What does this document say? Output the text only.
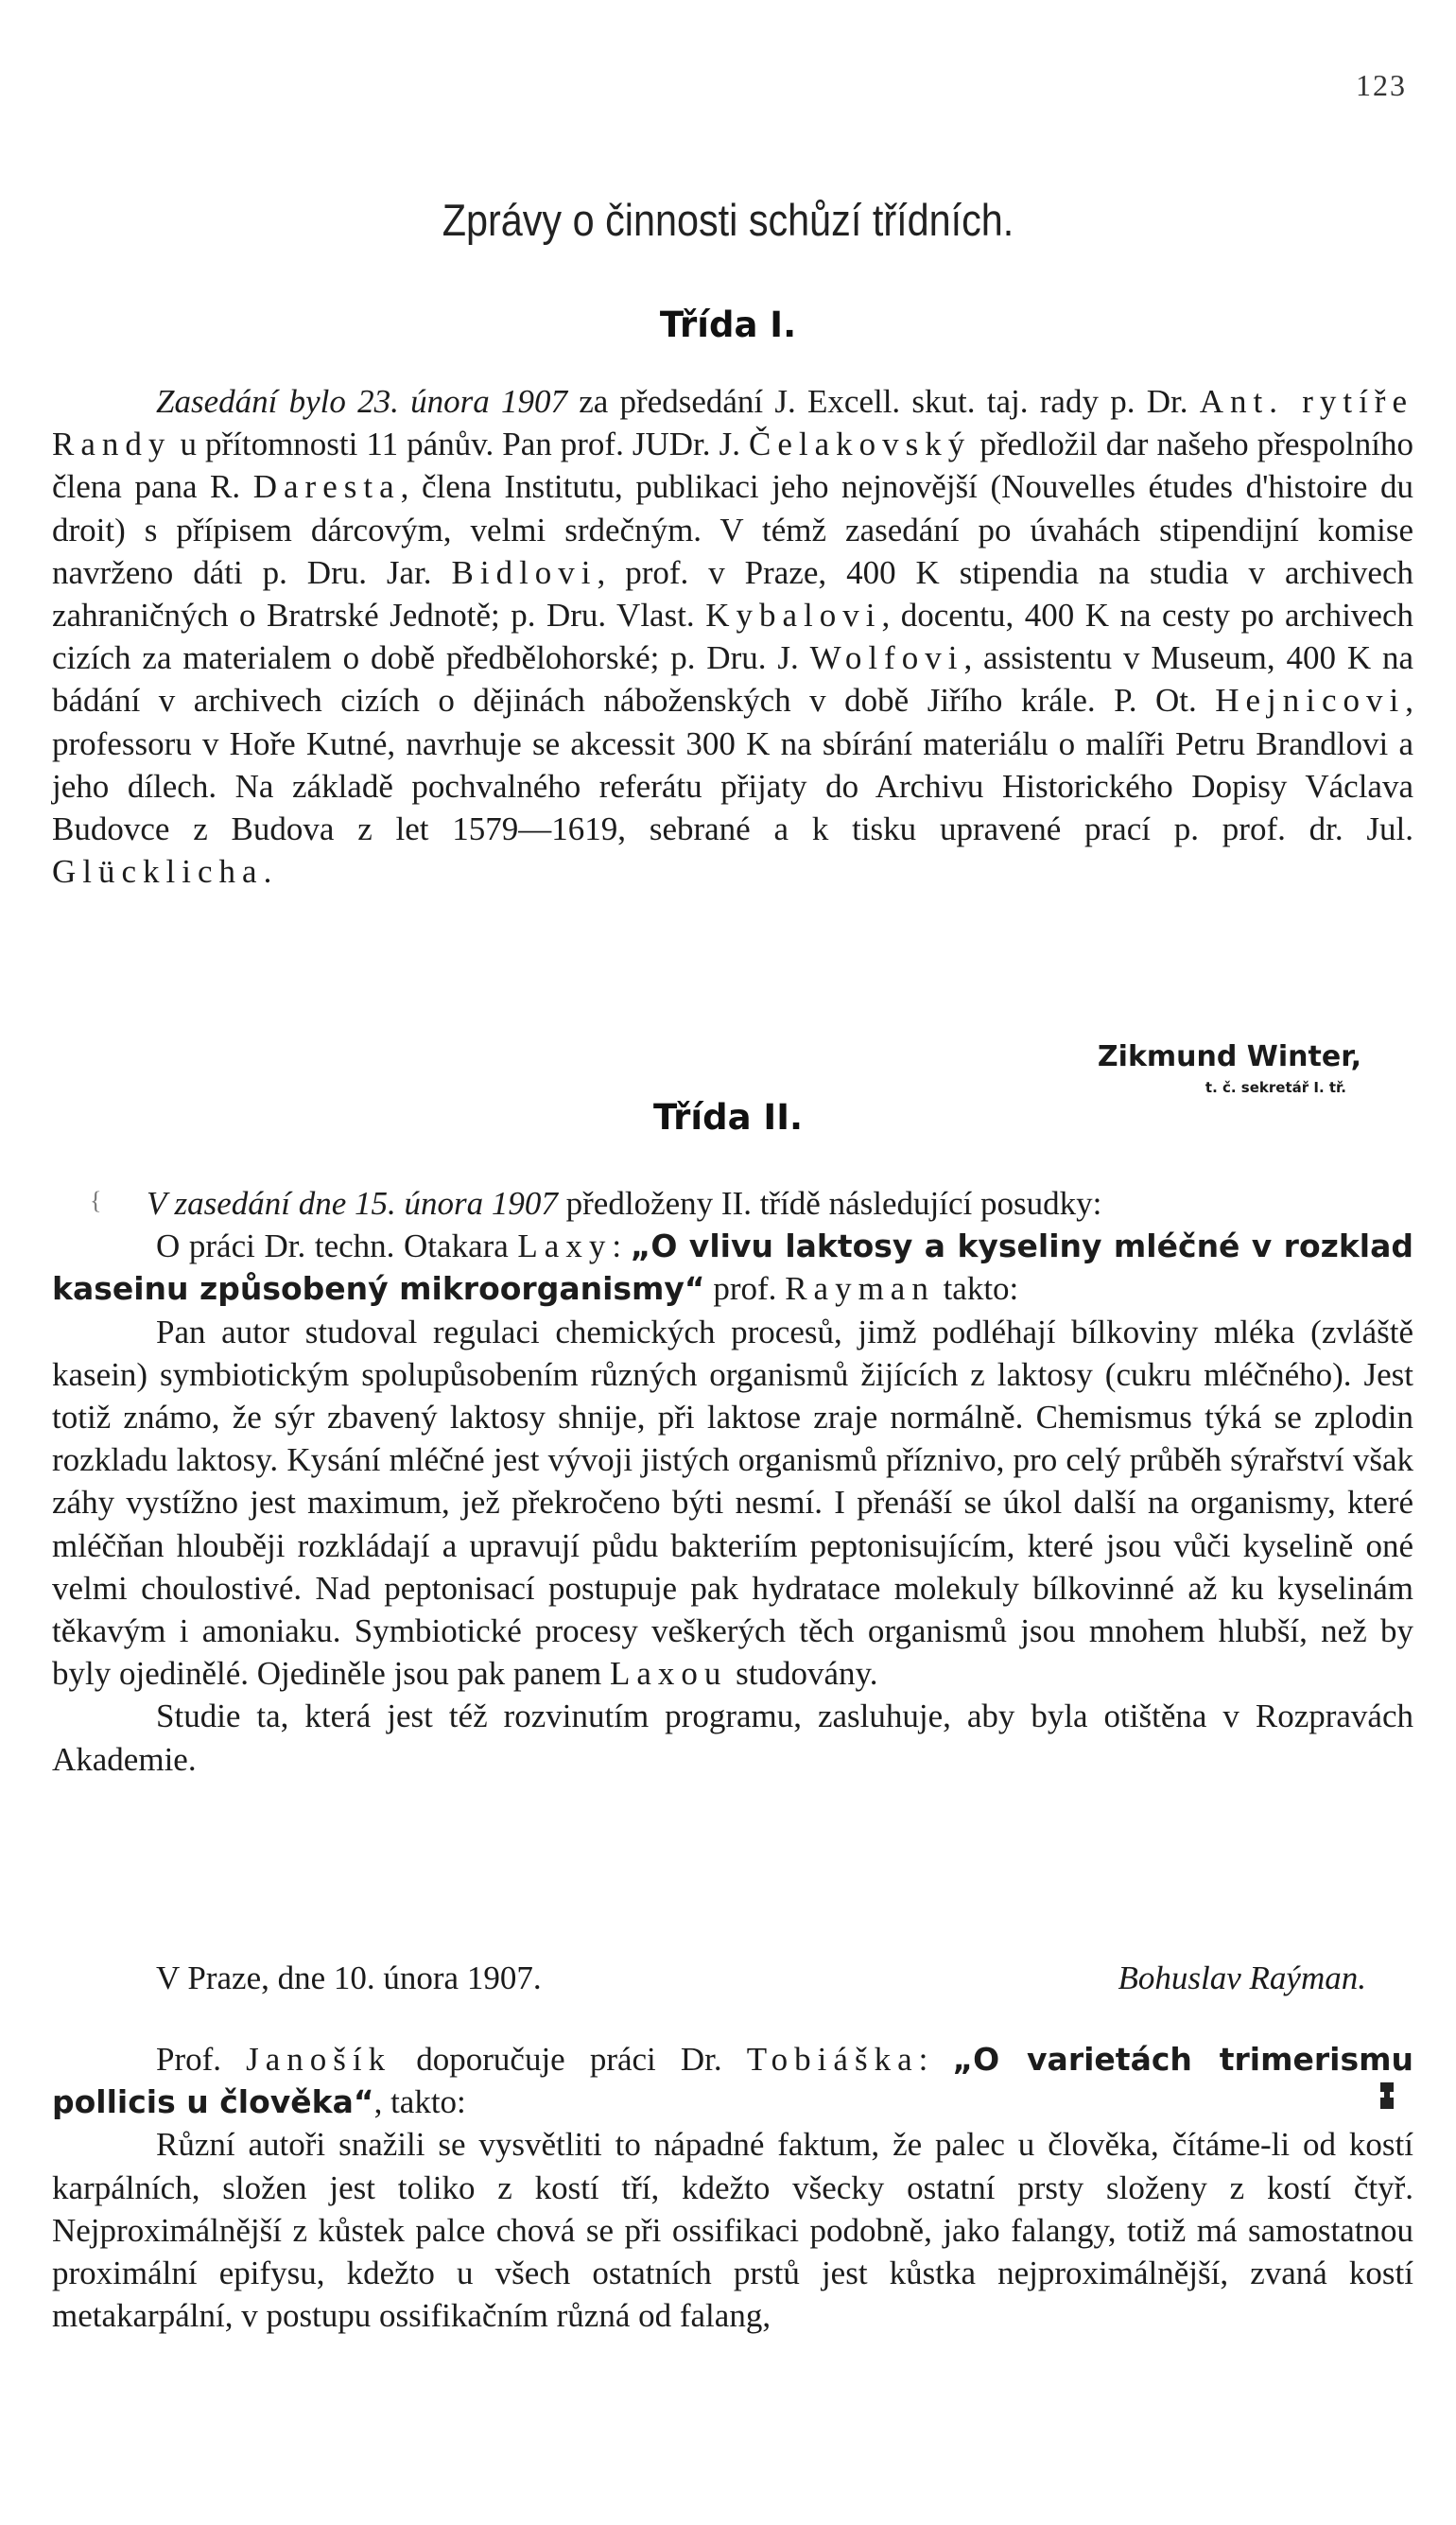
123
Zprávy o činnosti schůzí třídních.
Třída I.

Zasedání bylo 23. února 1907 za předsedání J. Excell. skut. taj. rady p. Dr. Ant. rytíře Randy u přítomnosti 11 pánův. Pan prof. JUDr. J. Čelakovský předložil dar našeho přespolního člena pana R. Daresta, člena Institutu, publikaci jeho nejnovější (Nouvelles études d'histoire du droit) s přípisem dárcovým, velmi srdečným. V témž zasedání po úvahách stipendijní komise navrženo dáti p. Dru. Jar. Bidlovi, prof. v Praze, 400 K stipendia na studia v archivech zahraničných o Bratrské Jednotě; p. Dru. Vlast. Kybalovi, docentu, 400 K na cesty po archivech cizích za materialem o době předbělohorské; p. Dru. J. Wolfovi, assistentu v Museum, 400 K na bádání v archivech cizích o dějinách náboženských v době Jiřího krále. P. Ot. Hejnicovi, professoru v Hoře Kutné, navrhuje se akcessit 300 K na sbírání materiálu o malíři Petru Brandlovi a jeho dílech. Na základě pochvalného referátu přijaty do Archivu Historického Dopisy Václava Budovce z Budova z let 1579—1619, sebrané a k tisku upravené prací p. prof. dr. Jul. Glücklicha.

Zikmund Winter,
t. č. sekretář I. tř.
Třída II.
{	V zasedání dne 15. února 1907 předloženy II. třídě následující posudky:

O práci Dr. techn. Otakara Laxy: „O vlivu laktosy a kyseliny mléčné v rozklad kaseinu způsobený mikroorganismy“ prof. Rayman takto:

Pan autor studoval regulaci chemických procesů, jimž podléhají bílkoviny mléka (zvláště kasein) symbiotickým spolupůsobením různých organismů žijících z laktosy (cukru mléčného). Jest totiž známo, že sýr zbavený laktosy shnije, při laktose zraje normálně. Chemismus týká se zplodin rozkladu laktosy. Kysání mléčné jest vývoji jistých organismů příznivo, pro celý průběh sýrařství však záhy vystížno jest maximum, jež překročeno býti nesmí. I přenáší se úkol další na organismy, které mléčňan hlouběji rozkládají a upravují půdu bakteriím peptonisujícím, které jsou vůči kyselině oné velmi choulostivé. Nad peptonisací postupuje pak hydratace molekuly bílkovinné až ku kyselinám těkavým i amoniaku. Symbiotické procesy veškerých těch organismů jsou mnohem hlubší, než by byly ojedinělé. Ojediněle jsou pak panem Laxou studovány.

Studie ta, která jest též rozvinutím programu, zasluhuje, aby byla otištěna v Rozpravách Akademie.

V Praze, dne 10. února 1907.	Bohuslav Raýman.

Prof. Janošík doporučuje práci Dr. Tobiáška: „O varietách trimerismu pollicis u člověka“, takto:

Různí autoři snažili se vysvětliti to nápadné faktum, že palec u člověka, čítáme-li od kostí karpálních, složen jest toliko z kostí tří, kdežto všecky ostatní prsty složeny z kostí čtyř. Nejproximálnější z kůstek palce chová se při ossifikaci podobně, jako falangy, totiž má samostatnou proximální epifysu, kdežto u všech ostatních prstů jest kůstka nejproximálnější, zvaná kostí metakarpální, v postupu ossifikačním různá od falang,
